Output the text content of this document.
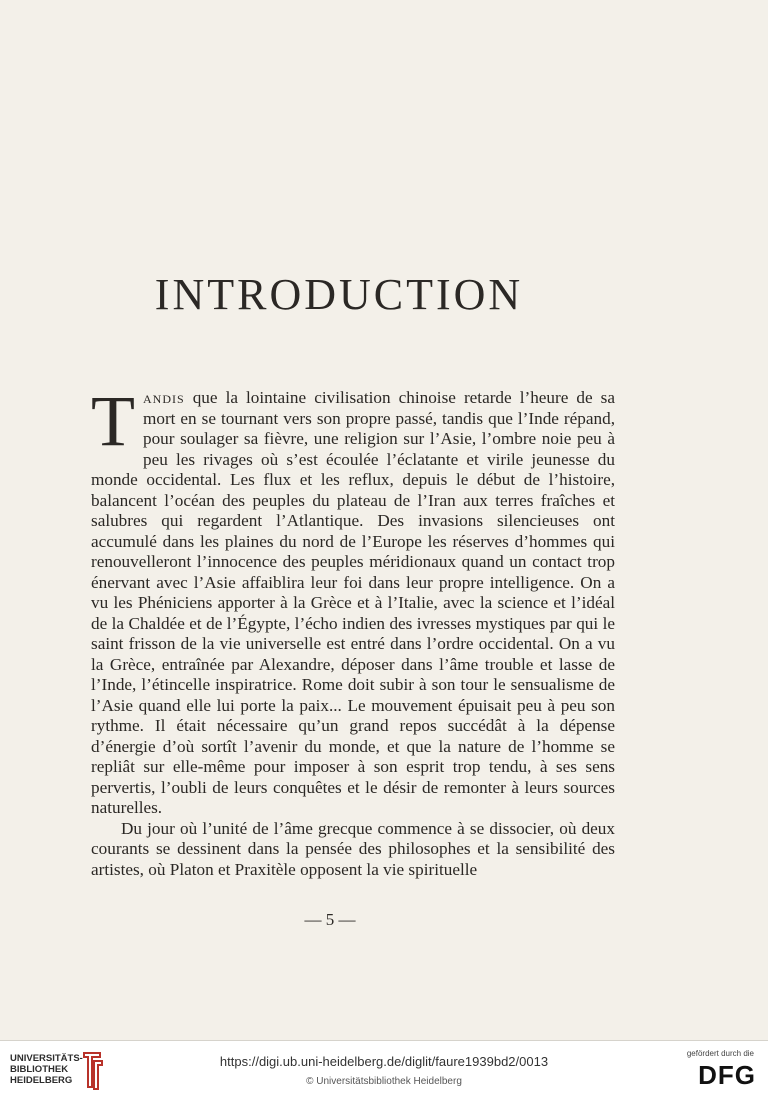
INTRODUCTION

Tandis que la lointaine civilisation chinoise retarde l’heure de sa mort en se tournant vers son propre passé, tandis que l’Inde répand, pour soulager sa fièvre, une religion sur l’Asie, l’ombre noie peu à peu les rivages où s’est écoulée l’éclatante et virile jeunesse du monde occidental. Les flux et les reflux, depuis le début de l’histoire, balancent l’océan des peuples du plateau de l’Iran aux terres fraîches et salubres qui regardent l’Atlantique. Des invasions silencieuses ont accumulé dans les plaines du nord de l’Europe les réserves d’hommes qui renouvelleront l’innocence des peuples méridionaux quand un contact trop énervant avec l’Asie affaiblira leur foi dans leur propre intelligence. On a vu les Phéniciens apporter à la Grèce et à l’Italie, avec la science et l’idéal de la Chaldée et de l’Égypte, l’écho indien des ivresses mystiques par qui le saint frisson de la vie universelle est entré dans l’ordre occidental. On a vu la Grèce, entraînée par Alexandre, déposer dans l’âme trouble et lasse de l’Inde, l’étincelle inspiratrice. Rome doit subir à son tour le sensualisme de l’Asie quand elle lui porte la paix... Le mouvement épuisait peu à peu son rythme. Il était nécessaire qu’un grand repos succédât à la dépense d’énergie d’où sortît l’avenir du monde, et que la nature de l’homme se repliât sur elle-même pour imposer à son esprit trop tendu, à ses sens pervertis, l’oubli de leurs conquêtes et le désir de remonter à leurs sources naturelles.

Du jour où l’unité de l’âme grecque commence à se dissocier, où deux courants se dessinent dans la pensée des philosophes et la sensibilité des artistes, où Platon et Praxitèle opposent la vie spirituelle

— 5 —
UNIVERSITÄTS-
BIBLIOTHEK
HEIDELBERG
https://digi.ub.uni-heidelberg.de/diglit/faure1939bd2/0013
© Universitätsbibliothek Heidelberg
gefördert durch die
DFG
